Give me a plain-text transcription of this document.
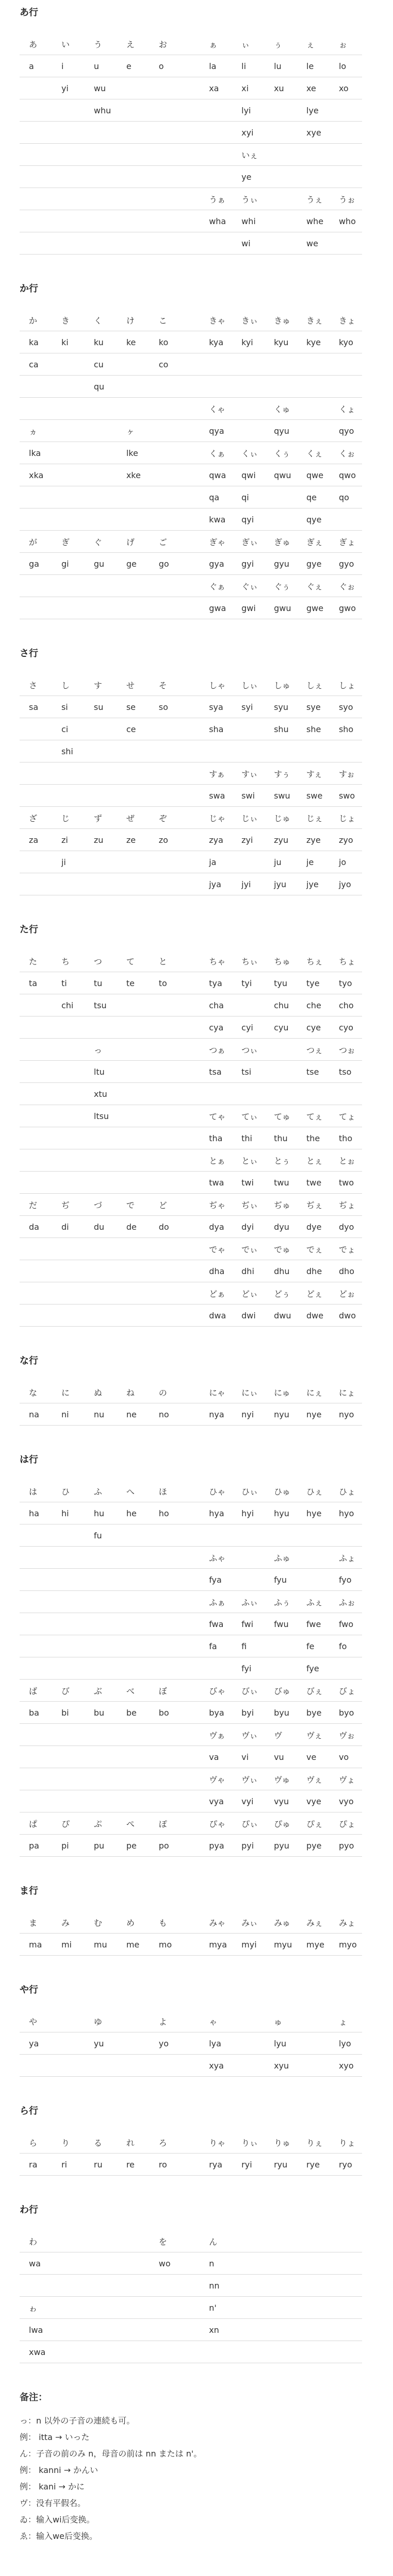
あ行
あ	い	う	え	お		ぁ	ぃ	ぅ	ぇ	ぉ
a	i	u	e	o		la	li	lu	le	lo
	yi	wu				xa	xi	xu	xe	xo
		whu					lyi		lye	
							xyi		xye	
							いぇ			
							ye			
						うぁ	うぃ		うぇ	うぉ
						wha	whi		whe	who
							wi		we	
か行
か	き	く	け	こ		きゃ	きぃ	きゅ	きぇ	きょ
ka	ki	ku	ke	ko		kya	kyi	kyu	kye	kyo
ca		cu		co						
		qu								
						くゃ		くゅ		くょ
ヵ			ヶ			qya		qyu		qyo
lka			lke			くぁ	くぃ	くぅ	くぇ	くぉ
xka			xke			qwa	qwi	qwu	qwe	qwo
						qa	qi		qe	qo
						kwa	qyi		qye	
が	ぎ	ぐ	げ	ご		ぎゃ	ぎぃ	ぎゅ	ぎぇ	ぎょ
ga	gi	gu	ge	go		gya	gyi	gyu	gye	gyo
						ぐぁ	ぐぃ	ぐぅ	ぐぇ	ぐぉ
						gwa	gwi	gwu	gwe	gwo
さ行
さ	し	す	せ	そ		しゃ	しぃ	しゅ	しぇ	しょ
sa	si	su	se	so		sya	syi	syu	sye	syo
	ci		ce			sha		shu	she	sho
	shi									
						すぁ	すぃ	すぅ	すぇ	すぉ
						swa	swi	swu	swe	swo
ざ	じ	ず	ぜ	ぞ		じゃ	じぃ	じゅ	じぇ	じょ
za	zi	zu	ze	zo		zya	zyi	zyu	zye	zyo
	ji					ja		ju	je	jo
						jya	jyi	jyu	jye	jyo
た行
た	ち	つ	て	と		ちゃ	ちぃ	ちゅ	ちぇ	ちょ
ta	ti	tu	te	to		tya	tyi	tyu	tye	tyo
	chi	tsu				cha		chu	che	cho
						cya	cyi	cyu	cye	cyo
		っ				つぁ	つぃ		つぇ	つぉ
		ltu				tsa	tsi		tse	tso
		xtu								
		ltsu				てゃ	てぃ	てゅ	てぇ	てょ
						tha	thi	thu	the	tho
						とぁ	とぃ	とぅ	とぇ	とぉ
						twa	twi	twu	twe	two
だ	ぢ	づ	で	ど		ぢゃ	ぢぃ	ぢゅ	ぢぇ	ぢょ
da	di	du	de	do		dya	dyi	dyu	dye	dyo
						でゃ	でぃ	でゅ	でぇ	でょ
						dha	dhi	dhu	dhe	dho
						どぁ	どぃ	どぅ	どぇ	どぉ
						dwa	dwi	dwu	dwe	dwo
な行
な	に	ぬ	ね	の		にゃ	にぃ	にゅ	にぇ	にょ
na	ni	nu	ne	no		nya	nyi	nyu	nye	nyo
は行
は	ひ	ふ	へ	ほ		ひゃ	ひぃ	ひゅ	ひぇ	ひょ
ha	hi	hu	he	ho		hya	hyi	hyu	hye	hyo
		fu								
						ふゃ		ふゅ		ふょ
						fya		fyu		fyo
						ふぁ	ふぃ	ふぅ	ふぇ	ふぉ
						fwa	fwi	fwu	fwe	fwo
						fa	fi		fe	fo
							fyi		fye	
ば	び	ぶ	べ	ぼ		びゃ	びぃ	びゅ	びぇ	びょ
ba	bi	bu	be	bo		bya	byi	byu	bye	byo
						ヴぁ	ヴぃ	ヴ	ヴぇ	ヴぉ
						va	vi	vu	ve	vo
						ヴゃ	ヴぃ	ヴゅ	ヴぇ	ヴょ
						vya	vyi	vyu	vye	vyo
ぱ	ぴ	ぷ	ぺ	ぽ		ぴゃ	ぴぃ	ぴゅ	ぴぇ	ぴょ
pa	pi	pu	pe	po		pya	pyi	pyu	pye	pyo
ま行
ま	み	む	め	も		みゃ	みぃ	みゅ	みぇ	みょ
ma	mi	mu	me	mo		mya	myi	myu	mye	myo
や行
や		ゆ		よ		ゃ		ゅ		ょ
ya		yu		yo		lya		lyu		lyo
						xya		xyu		xyo
ら行
ら	り	る	れ	ろ		りゃ	りぃ	りゅ	りぇ	りょ
ra	ri	ru	re	ro		rya	ryi	ryu	rye	ryo
わ行
わ				を		ん				
wa				wo		n				
						nn				
ゎ						n'				
lwa						xn				
xwa										
备注：
っ：n 以外の子音の連続も可。
例： itta → いった
ん：子音の前のみ n，母音の前は nn または n'。
例： kanni → かんい
例： kani → かに
ヴ：没有平假名。
ゐ：输入wi后变换。
ゑ：输入we后变换。
